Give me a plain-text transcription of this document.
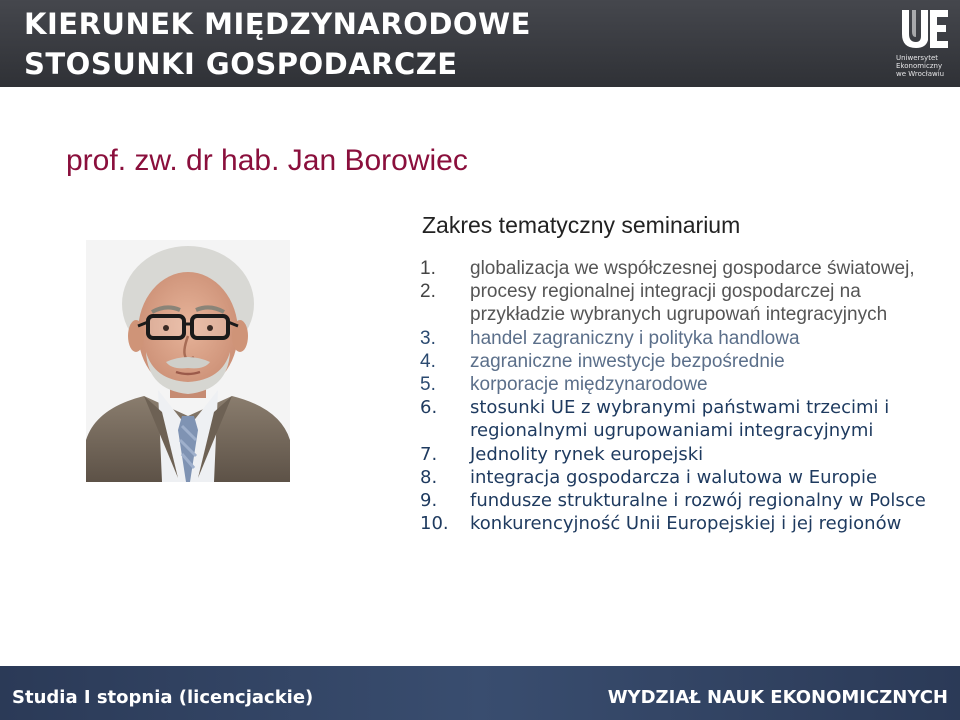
KIERUNEK MIĘDZYNARODOWE
STOSUNKI GOSPODARCZE	Uniwersytet
Ekonomiczny
we Wrocławiu
prof. zw. dr hab. Jan Borowiec
Zakres tematyczny seminarium
1.	globalizacja we współczesnej gospodarce światowej,
2.	procesy regionalnej integracji gospodarczej na przykładzie wybranych ugrupowań integracyjnych
3.	handel zagraniczny i polityka handlowa
4.	zagraniczne inwestycje bezpośrednie
5.	korporacje międzynarodowe
6.	stosunki UE z wybranymi państwami trzecimi i regionalnymi ugrupowaniami integracyjnymi
7.	Jednolity rynek europejski
8.	integracja gospodarcza i walutowa w Europie
9.	fundusze strukturalne i rozwój regionalny w Polsce
10.	konkurencyjność Unii Europejskiej i jej regionów
Studia I stopnia (licencjackie)	WYDZIAŁ NAUK EKONOMICZNYCH
